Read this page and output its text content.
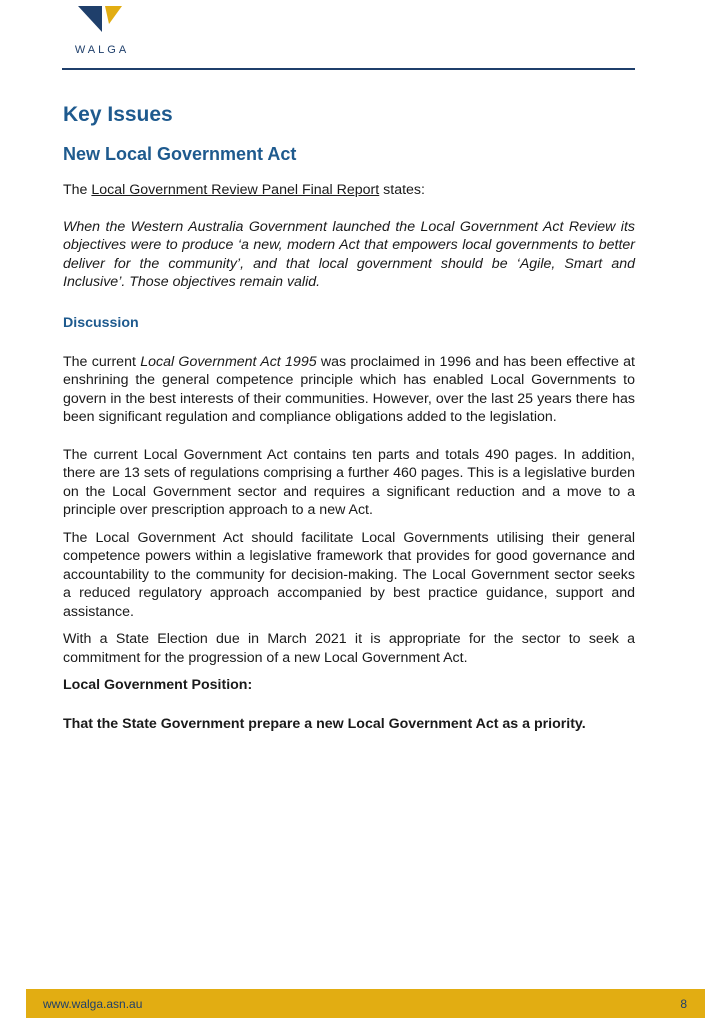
WALGA
Key Issues
New Local Government Act

The Local Government Review Panel Final Report states:

When the Western Australia Government launched the Local Government Act Review its objectives were to produce ‘a new, modern Act that empowers local governments to better deliver for the community’, and that local government should be ‘Agile, Smart and Inclusive’. Those objectives remain valid.

Discussion

The current Local Government Act 1995 was proclaimed in 1996 and has been effective at enshrining the general competence principle which has enabled Local Governments to govern in the best interests of their communities. However, over the last 25 years there has been significant regulation and compliance obligations added to the legislation.

The current Local Government Act contains ten parts and totals 490 pages. In addition, there are 13 sets of regulations comprising a further 460 pages. This is a legislative burden on the Local Government sector and requires a significant reduction and a move to a principle over prescription approach to a new Act.

The Local Government Act should facilitate Local Governments utilising their general competence powers within a legislative framework that provides for good governance and accountability to the community for decision-making. The Local Government sector seeks a reduced regulatory approach accompanied by best practice guidance, support and assistance.

With a State Election due in March 2021 it is appropriate for the sector to seek a commitment for the progression of a new Local Government Act.

Local Government Position:

That the State Government prepare a new Local Government Act as a priority.

www.walga.asn.au	8
